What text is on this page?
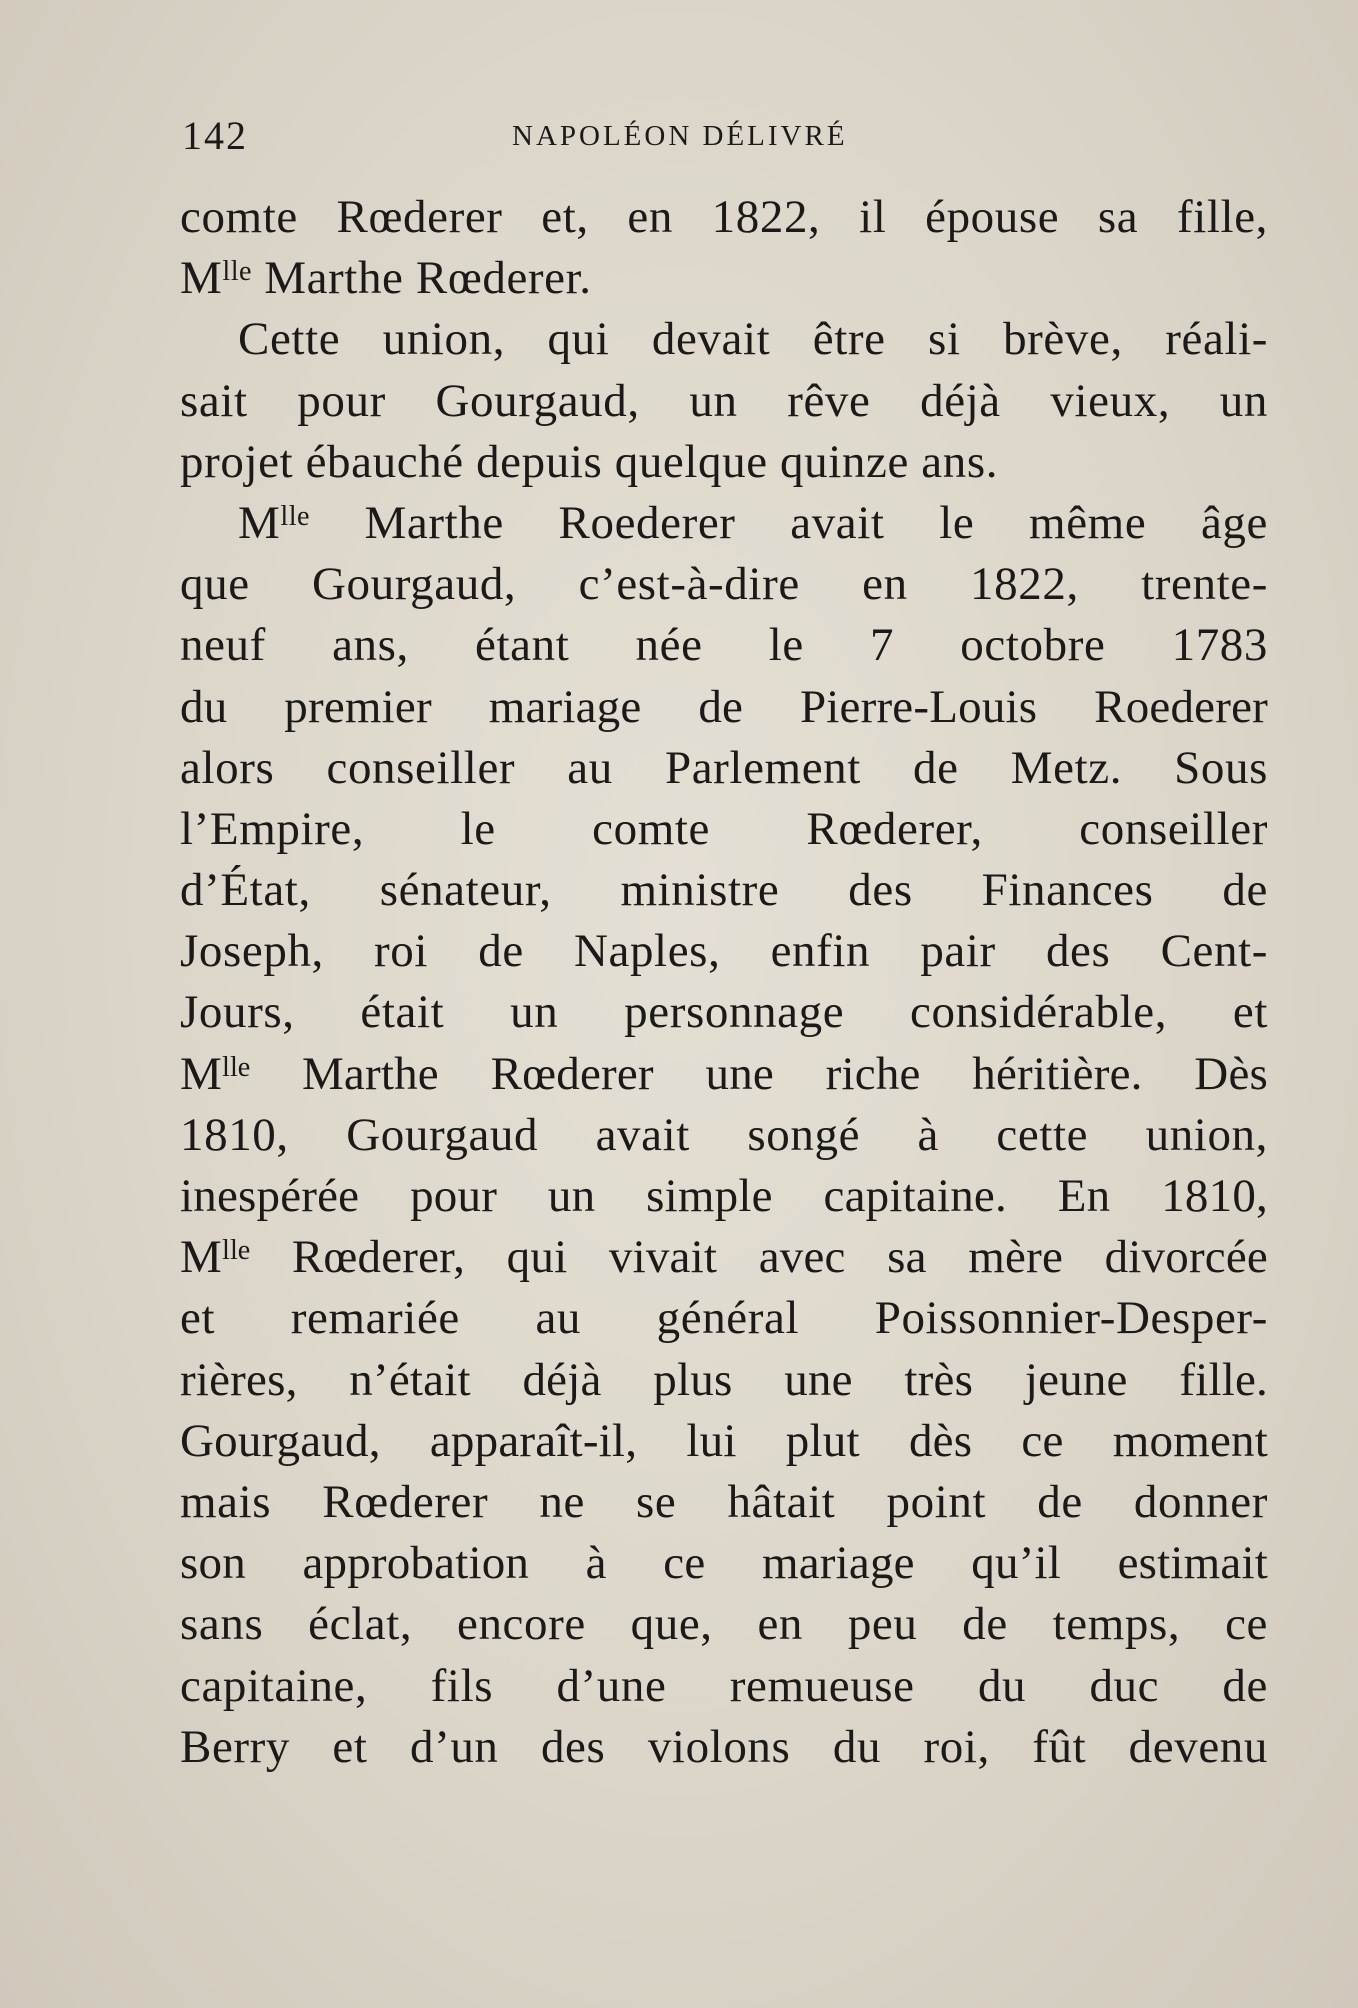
142	NAPOLÉON DÉLIVRÉ
comte Rœderer et, en 1822, il épouse sa fille,
Mˡˡᵉ Marthe Rœderer.
Cette union, qui devait être si brève, réali-
sait pour Gourgaud, un rêve déjà vieux, un
projet ébauché depuis quelque quinze ans.
Mˡˡᵉ Marthe Roederer avait le même âge
que Gourgaud, c’est-à-dire en 1822, trente-
neuf ans, étant née le 7 octobre 1783
du premier mariage de Pierre-Louis Roederer
alors conseiller au Parlement de Metz. Sous
l’Empire, le comte Rœderer, conseiller
d’État, sénateur, ministre des Finances de
Joseph, roi de Naples, enfin pair des Cent-
Jours, était un personnage considérable, et
Mˡˡᵉ Marthe Rœderer une riche héritière. Dès
1810, Gourgaud avait songé à cette union,
inespérée pour un simple capitaine. En 1810,
Mˡˡᵉ Rœderer, qui vivait avec sa mère divorcée
et remariée au général Poissonnier-Desper-
rières, n’était déjà plus une très jeune fille.
Gourgaud, apparaît-il, lui plut dès ce moment
mais Rœderer ne se hâtait point de donner
son approbation à ce mariage qu’il estimait
sans éclat, encore que, en peu de temps, ce
capitaine, fils d’une remueuse du duc de
Berry et d’un des violons du roi, fût devenu
